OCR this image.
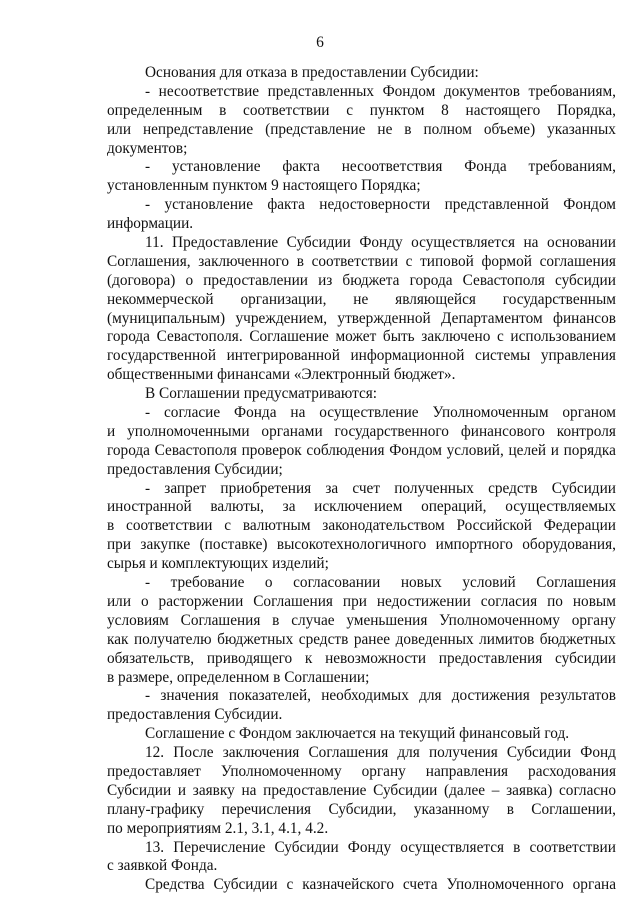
6
Основания для отказа в предоставлении Субсидии:
- несоответствие представленных Фондом документов требованиям,
определенным в соответствии с пунктом 8 настоящего Порядка,
или непредставление (представление не в полном объеме) указанных
документов;
- установление факта несоответствия Фонда требованиям,
установленным пунктом 9 настоящего Порядка;
- установление факта недостоверности представленной Фондом
информации.
11. Предоставление Субсидии Фонду осуществляется на основании
Соглашения, заключенного в соответствии с типовой формой соглашения
(договора) о предоставлении из бюджета города Севастополя субсидии
некоммерческой организации, не являющейся государственным
(муниципальным) учреждением, утвержденной Департаментом финансов
города Севастополя. Соглашение может быть заключено с использованием
государственной интегрированной информационной системы управления
общественными финансами «Электронный бюджет».
В Соглашении предусматриваются:
- согласие Фонда на осуществление Уполномоченным органом
и уполномоченными органами государственного финансового контроля
города Севастополя проверок соблюдения Фондом условий, целей и порядка
предоставления Субсидии;
- запрет приобретения за счет полученных средств Субсидии
иностранной валюты, за исключением операций, осуществляемых
в соответствии с валютным законодательством Российской Федерации
при закупке (поставке) высокотехнологичного импортного оборудования,
сырья и комплектующих изделий;
- требование о согласовании новых условий Соглашения
или о расторжении Соглашения при недостижении согласия по новым
условиям Соглашения в случае уменьшения Уполномоченному органу
как получателю бюджетных средств ранее доведенных лимитов бюджетных
обязательств, приводящего к невозможности предоставления субсидии
в размере, определенном в Соглашении;
- значения показателей, необходимых для достижения результатов
предоставления Субсидии.
Соглашение с Фондом заключается на текущий финансовый год.
12. После заключения Соглашения для получения Субсидии Фонд
предоставляет Уполномоченному органу направления расходования
Субсидии и заявку на предоставление Субсидии (далее – заявка) согласно
плану-графику перечисления Субсидии, указанному в Соглашении,
по мероприятиям 2.1, 3.1, 4.1, 4.2.
13. Перечисление Субсидии Фонду осуществляется в соответствии
с заявкой Фонда.
Средства Субсидии с казначейского счета Уполномоченного органа
